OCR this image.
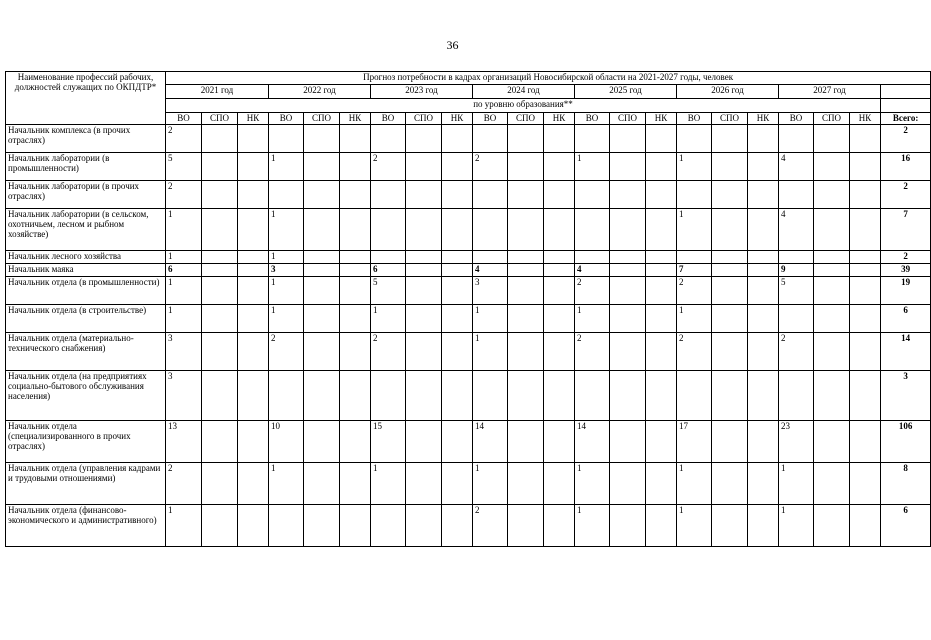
36
Наименование профессий рабочих, должностей служащих по ОКПДТР*	Прогноз потребности в кадрах организаций Новосибирской области на 2021-2027 годы, человек																					
	2021 год			2022 год			2023 год			2024 год			2025 год			2026 год			2027 год			
	по уровню образования**																					
	ВО	СПО	НК	ВО	СПО	НК	ВО	СПО	НК	ВО	СПО	НК	ВО	СПО	НК	ВО	СПО	НК	ВО	СПО	НК	Всего:
Начальник комплекса (в прочих отраслях)	2																					2
Начальник лаборатории (в промышленности)	5			1			2			2			1			1			4			16
Начальник лаборатории (в прочих отраслях)	2																					2
Начальник лаборатории (в сельском, охотничьем, лесном и рыбном хозяйстве)	1			1												1			4			7
Начальник лесного хозяйства	1			1																		2
Начальник маяка	6			3			6			4			4			7			9			39
Начальник отдела (в промышленности)	1			1			5			3			2			2			5			19
Начальник отдела (в строительстве)	1			1			1			1			1			1						6
Начальник отдела (материально-технического снабжения)	3			2			2			1			2			2			2			14
Начальник отдела (на предприятиях социально-бытового обслуживания населения)	3																					3
Начальник отдела (специализированного в прочих отраслях)	13			10			15			14			14			17			23			106
Начальник отдела (управления кадрами и трудовыми отношениями)	2			1			1			1			1			1			1			8
Начальник отдела (финансово-экономического и административного)	1									2			1			1			1			6
